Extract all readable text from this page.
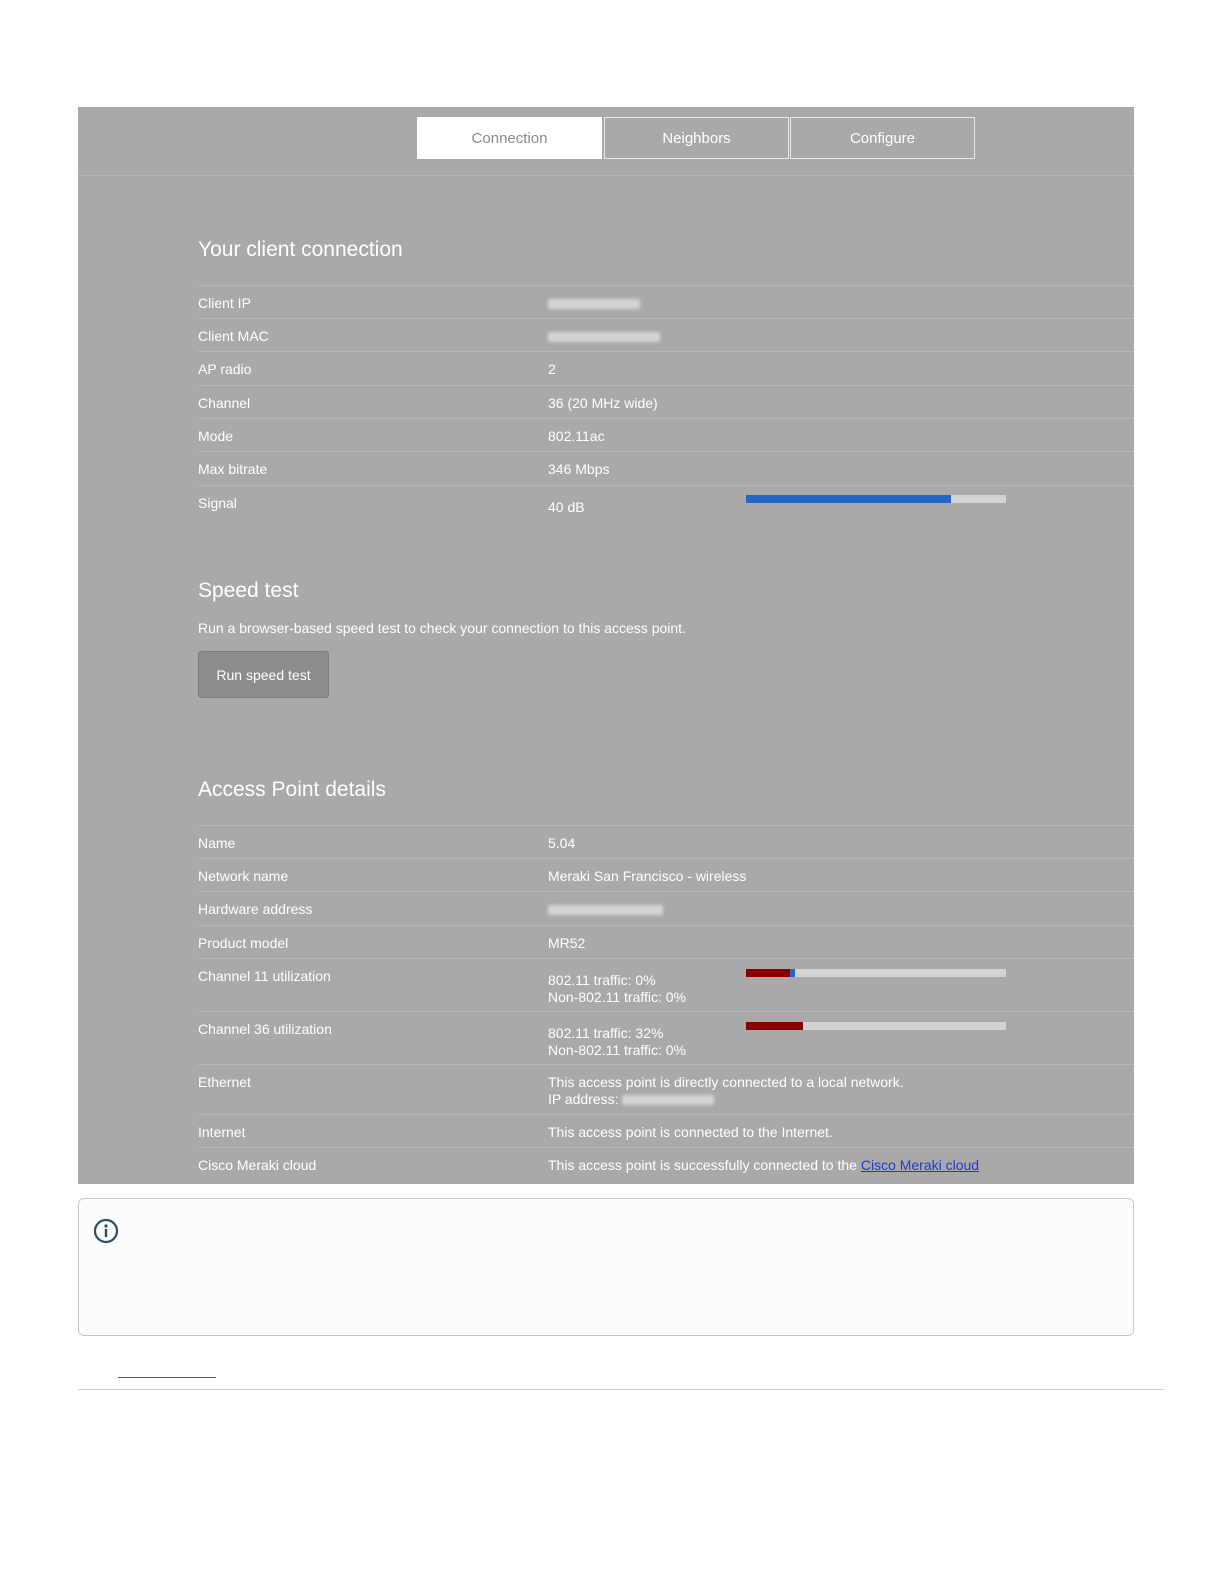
Connection	Neighbors	Configure
Your client connection
Client IP
Client MAC
AP radio	2
Channel	36 (20 MHz wide)
Mode	802.11ac
Max bitrate	346 Mbps
Signal	40 dB
Speed test
Run a browser-based speed test to check your connection to this access point.
Run speed test
Access Point details
Name	5.04
Network name	Meraki San Francisco - wireless
Hardware address
Product model	MR52
Channel 11 utilization	802.11 traffic: 0%
Non-802.11 traffic: 0%
Channel 36 utilization	802.11 traffic: 32%
Non-802.11 traffic: 0%
Ethernet	This access point is directly connected to a local network.
IP address:
Internet	This access point is connected to the Internet.
Cisco Meraki cloud	This access point is successfully connected to the Cisco Meraki cloud
